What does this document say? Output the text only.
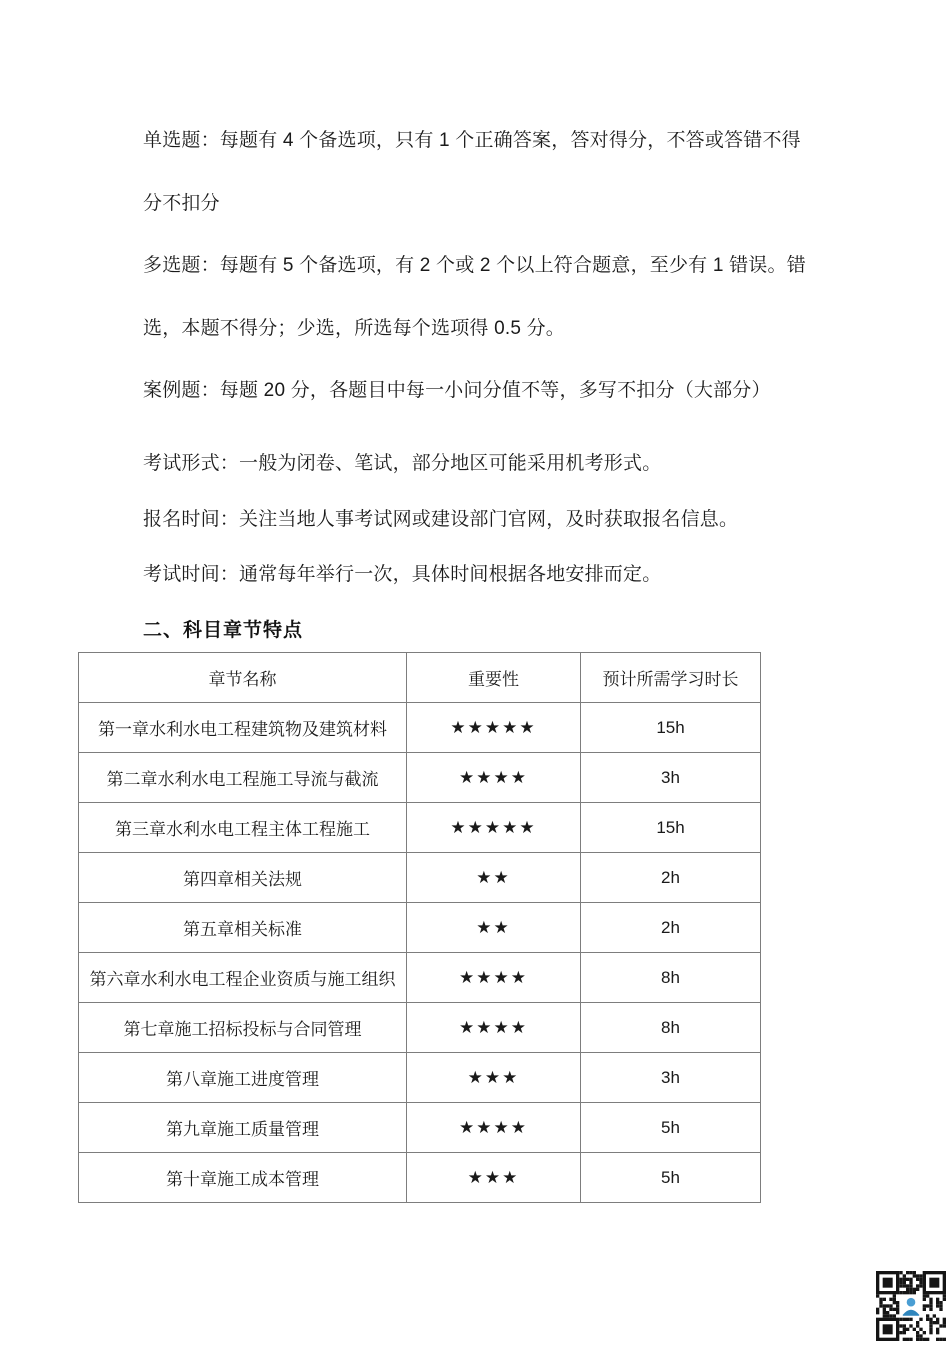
单选题：每题有 4 个备选项，只有 1 个正确答案，答对得分，不答或答错不得
分不扣分
多选题：每题有 5 个备选项，有 2 个或 2 个以上符合题意，至少有 1 错误。错
选，本题不得分；少选，所选每个选项得 0.5 分。
案例题：每题 20 分，各题目中每一小问分值不等，多写不扣分（大部分）
考试形式：一般为闭卷、笔试，部分地区可能采用机考形式。
报名时间：关注当地人事考试网或建设部门官网，及时获取报名信息。
考试时间：通常每年举行一次，具体时间根据各地安排而定。
二、科目章节特点
章节名称	重要性	预计所需学习时长
第一章水利水电工程建筑物及建筑材料	★★★★★	15h
第二章水利水电工程施工导流与截流	★★★★	3h
第三章水利水电工程主体工程施工	★★★★★	15h
第四章相关法规	★★	2h
第五章相关标准	★★	2h
第六章水利水电工程企业资质与施工组织	★★★★	8h
第七章施工招标投标与合同管理	★★★★	8h
第八章施工进度管理	★★★	3h
第九章施工质量管理	★★★★	5h
第十章施工成本管理	★★★	5h
